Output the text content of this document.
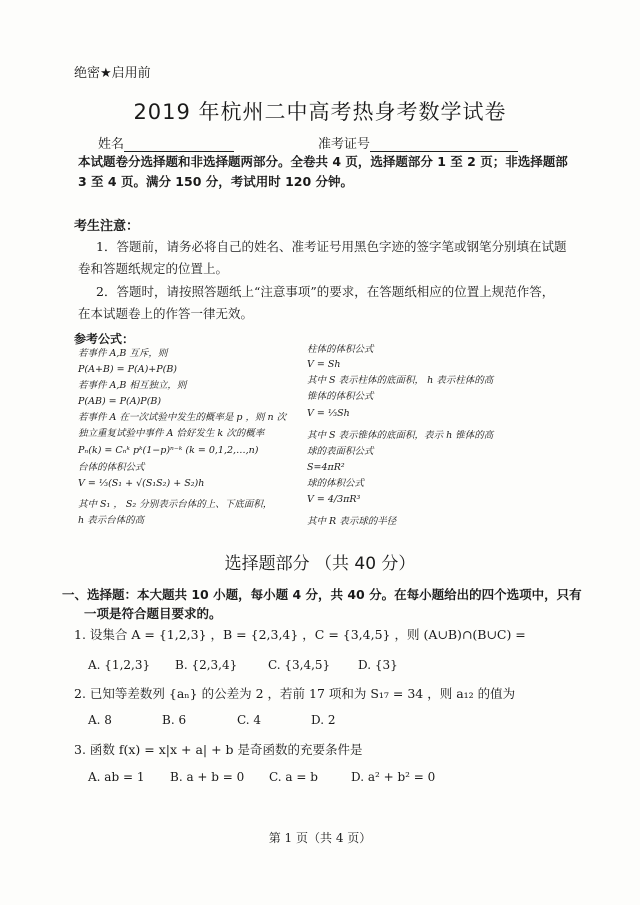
绝密★启用前
2019 年杭州二中高考热身考数学试卷
姓名	准考证号
本试题卷分选择题和非选择题两部分。全卷共 4 页，选择题部分 1 至 2 页；非选择题部
3 至 4 页。满分 150 分，考试用时 120 分钟。
考生注意：
1．答题前，请务必将自己的姓名、准考证号用黑色字迹的签字笔或钢笔分别填在试题
卷和答题纸规定的位置上。
2．答题时，请按照答题纸上“注意事项”的要求，在答题纸相应的位置上规范作答，
在本试题卷上的作答一律无效。
参考公式：
若事件 A,B 互斥，则
P(A+B) = P(A)+P(B)
若事件 A,B 相互独立，则
P(AB) = P(A)P(B)
若事件 A 在一次试验中发生的概率是 p ，则 n 次
独立重复试验中事件 A 恰好发生 k 次的概率
Pₙ(k) = Cₙᵏ pᵏ(1−p)ⁿ⁻ᵏ (k = 0,1,2,…,n)
台体的体积公式
V = ⅓(S₁ + √(S₁S₂) + S₂)h
其中 S₁ ， S₂ 分别表示台体的上、下底面积，
h 表示台体的高
柱体的体积公式
V = Sh
其中 S 表示柱体的底面积， h 表示柱体的高
锥体的体积公式
V = ⅓Sh
其中 S 表示锥体的底面积，表示 h 锥体的高
球的表面积公式
S=4πR²
球的体积公式
V = 4/3πR³
其中 R 表示球的半径
选择题部分 （共 40 分）
一、选择题：本大题共 10 小题，每小题 4 分，共 40 分。在每小题给出的四个选项中，只有
一项是符合题目要求的。
1. 设集合 A = {1,2,3} ，B = {2,3,4} ，C = {3,4,5} ，则 (A∪B)∩(B∪C) =
A. {1,2,3} B. {2,3,4}	C. {3,4,5} D. {3}
2. 已知等差数列 {aₙ} 的公差为 2 ，若前 17 项和为 S₁₇ = 34 ，则 a₁₂ 的值为
A. 8	B. 6	C. 4	D. 2
3. 函数 f(x) = x|x + a| + b 是奇函数的充要条件是
A. ab = 1 B. a + b = 0 C. a = b	D. a² + b² = 0
第 1 页（共 4 页）
